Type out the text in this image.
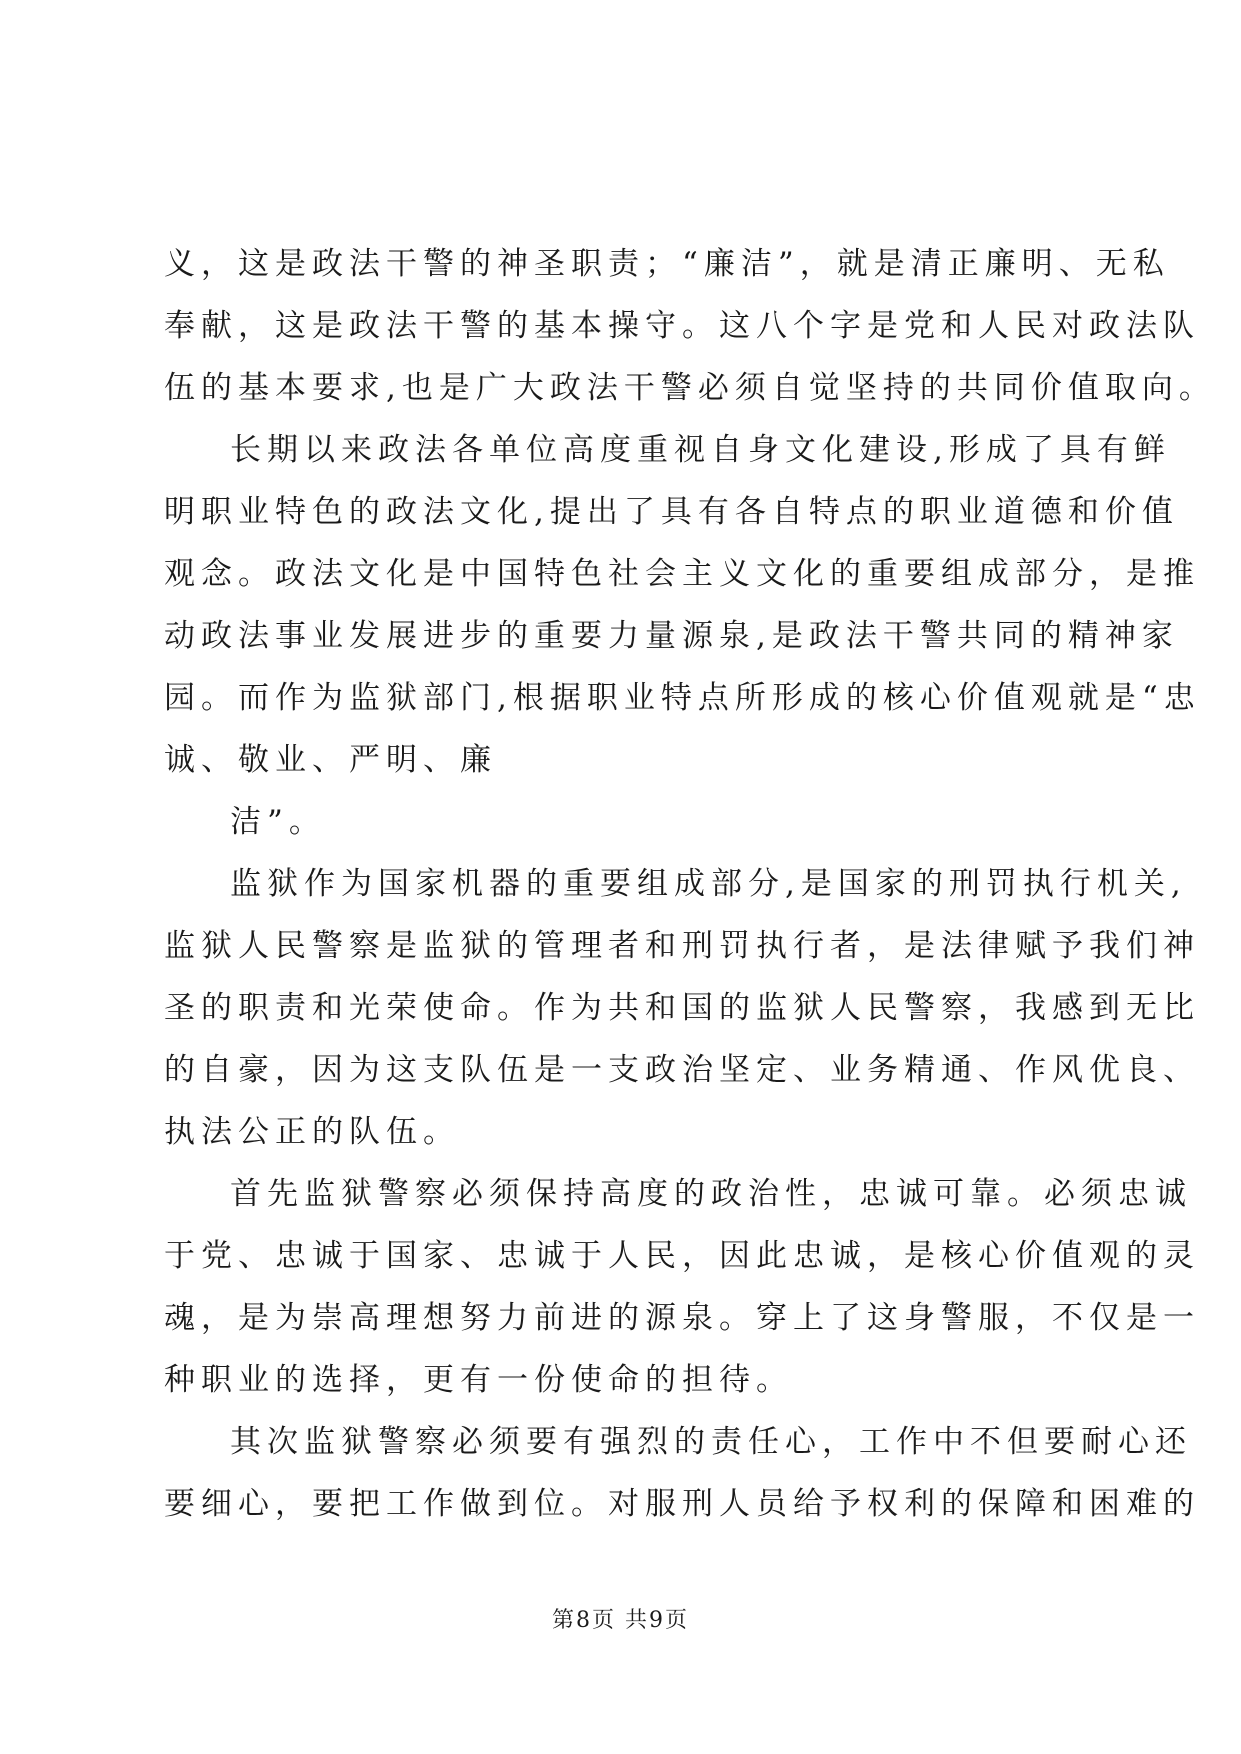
义，这是政法干警的神圣职责；“廉洁”，就是清正廉明、无私
奉献，这是政法干警的基本操守。这八个字是党和人民对政法队
伍的基本要求,也是广大政法干警必须自觉坚持的共同价值取向。
长期以来政法各单位高度重视自身文化建设,形成了具有鲜
明职业特色的政法文化,提出了具有各自特点的职业道德和价值
观念。政法文化是中国特色社会主义文化的重要组成部分，是推
动政法事业发展进步的重要力量源泉,是政法干警共同的精神家
园。而作为监狱部门,根据职业特点所形成的核心价值观就是“忠
诚、敬业、严明、廉
洁”。
监狱作为国家机器的重要组成部分,是国家的刑罚执行机关,
监狱人民警察是监狱的管理者和刑罚执行者，是法律赋予我们神
圣的职责和光荣使命。作为共和国的监狱人民警察，我感到无比
的自豪，因为这支队伍是一支政治坚定、业务精通、作风优良、
执法公正的队伍。
首先监狱警察必须保持高度的政治性，忠诚可靠。必须忠诚
于党、忠诚于国家、忠诚于人民，因此忠诚，是核心价值观的灵
魂，是为崇高理想努力前进的源泉。穿上了这身警服，不仅是一
种职业的选择，更有一份使命的担待。
其次监狱警察必须要有强烈的责任心，工作中不但要耐心还
要细心，要把工作做到位。对服刑人员给予权利的保障和困难的
第8页 共9页
